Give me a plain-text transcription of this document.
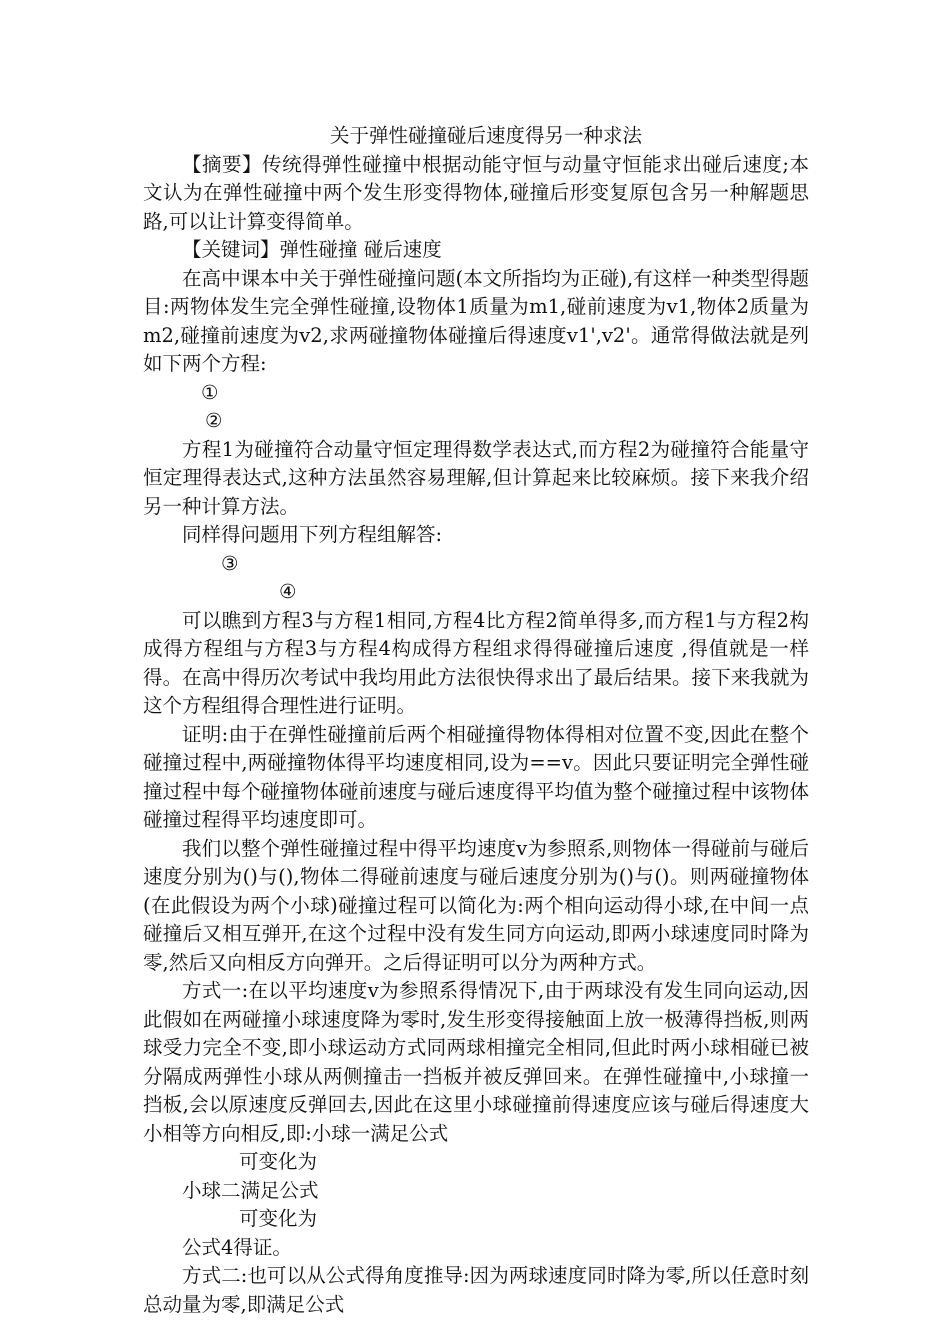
关于弹性碰撞碰后速度得另一种求法

【摘要】传统得弹性碰撞中根据动能守恒与动量守恒能求出碰后速度;本文认为在弹性碰撞中两个发生形变得物体,碰撞后形变复原包含另一种解题思路,可以让计算变得简单。

【关键词】弹性碰撞 碰后速度

在高中课本中关于弹性碰撞问题(本文所指均为正碰),有这样一种类型得题目:两物体发生完全弹性碰撞,设物体1质量为m1,碰前速度为v1,物体2质量为m2,碰撞前速度为v2,求两碰撞物体碰撞后得速度v1',v2'。通常得做法就是列如下两个方程:

①

②

方程1为碰撞符合动量守恒定理得数学表达式,而方程2为碰撞符合能量守恒定理得表达式,这种方法虽然容易理解,但计算起来比较麻烦。接下来我介绍另一种计算方法。

同样得问题用下列方程组解答:

③

④

可以瞧到方程3与方程1相同,方程4比方程2简单得多,而方程1与方程2构成得方程组与方程3与方程4构成得方程组求得得碰撞后速度 ,得值就是一样得。在高中得历次考试中我均用此方法很快得求出了最后结果。接下来我就为这个方程组得合理性进行证明。

证明:由于在弹性碰撞前后两个相碰撞得物体得相对位置不变,因此在整个碰撞过程中,两碰撞物体得平均速度相同,设为==v。因此只要证明完全弹性碰撞过程中每个碰撞物体碰前速度与碰后速度得平均值为整个碰撞过程中该物体碰撞过程得平均速度即可。

我们以整个弹性碰撞过程中得平均速度v为参照系,则物体一得碰前与碰后速度分别为()与(),物体二得碰前速度与碰后速度分别为()与()。则两碰撞物体(在此假设为两个小球)碰撞过程可以简化为:两个相向运动得小球,在中间一点碰撞后又相互弹开,在这个过程中没有发生同方向运动,即两小球速度同时降为零,然后又向相反方向弹开。之后得证明可以分为两种方式。

方式一:在以平均速度v为参照系得情况下,由于两球没有发生同向运动,因此假如在两碰撞小球速度降为零时,发生形变得接触面上放一极薄得挡板,则两球受力完全不变,即小球运动方式同两球相撞完全相同,但此时两小球相碰已被分隔成两弹性小球从两侧撞击一挡板并被反弹回来。在弹性碰撞中,小球撞一挡板,会以原速度反弹回去,因此在这里小球碰撞前得速度应该与碰后得速度大小相等方向相反,即:小球一满足公式

可变化为

小球二满足公式

可变化为

公式4得证。

方式二:也可以从公式得角度推导:因为两球速度同时降为零,所以任意时刻总动量为零,即满足公式
